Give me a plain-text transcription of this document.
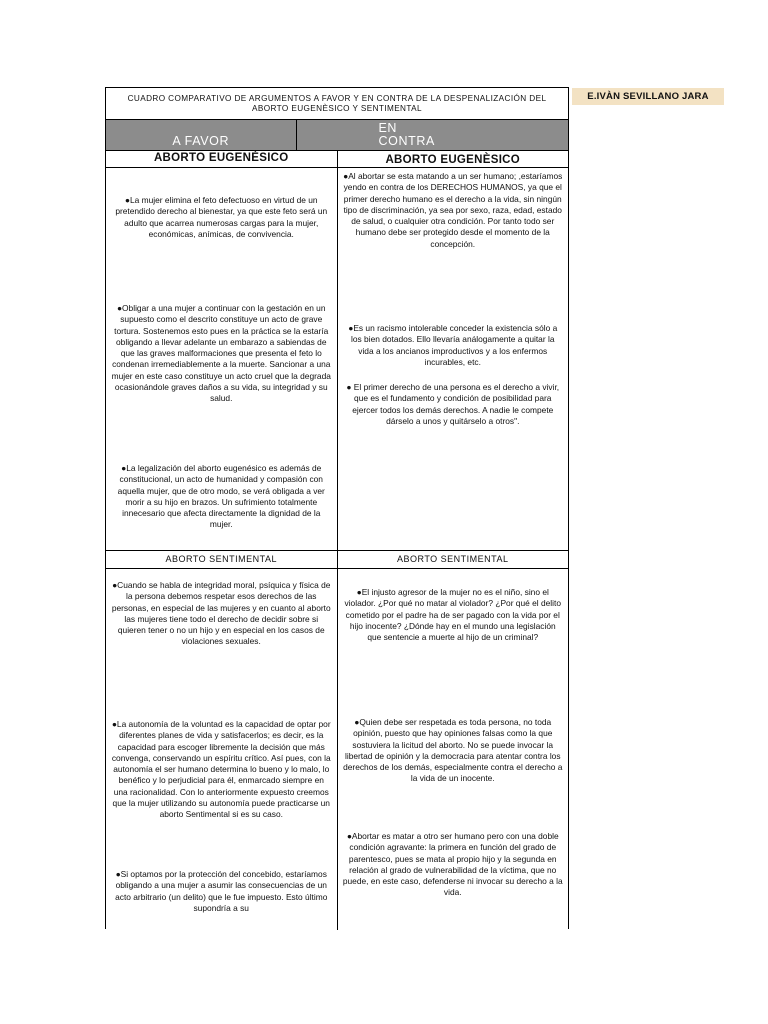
E.IVÀN SEVILLANO JARA
CUADRO COMPARATIVO DE ARGUMENTOS A FAVOR Y EN CONTRA DE LA DESPENALIZACIÓN DEL ABORTO EUGENÈSICO Y SENTIMENTAL
A FAVOR
EN
CONTRA
ABORTO EUGENÈSICO	ABORTO EUGENÈSICO

●La mujer elimina el feto defectuoso en virtud de un pretendido derecho al bienestar, ya que este feto será un adulto que acarrea numerosas cargas para la mujer, económicas, anímicas, de convivencia.

●Obligar a una mujer a continuar con la gestación en un supuesto como el descrito constituye un acto de grave tortura. Sostenemos esto pues en la práctica se la estaría obligando a llevar adelante un embarazo a sabiendas de que las graves malformaciones que presenta el feto lo condenan irremediablemente a la muerte. Sancionar a una mujer en este caso constituye un acto cruel que la degrada ocasionándole graves daños a su vida, su integridad y su salud.

●La legalización del aborto eugenésico es además de constitucional, un acto de humanidad y compasión con aquella mujer, que de otro modo, se verá obligada a ver morir a su hijo en brazos. Un sufrimiento totalmente innecesario que afecta directamente la dignidad de la mujer.

●Al abortar se esta matando a un ser humano; ,estaríamos yendo en contra de los DERECHOS HUMANOS, ya que el primer derecho humano es el derecho a la vida, sin ningún tipo de discriminación, ya sea por sexo, raza, edad, estado de salud, o cualquier otra condición. Por tanto todo ser humano debe ser protegido desde el momento de la concepción.

●Es un racismo intolerable conceder la existencia sólo a los bien dotados. Ello llevaría análogamente a quitar la vida a los ancianos improductivos y a los enfermos incurables, etc.

● El primer derecho de una persona es el derecho a vivir, que es el fundamento y condición de posibilidad para ejercer todos los demás derechos. A nadie le compete dárselo a unos y quitárselo a otros".

ABORTO SENTIMENTAL	ABORTO SENTIMENTAL

●Cuando se habla de integridad moral, psíquica y física de la persona debemos respetar esos derechos de las personas, en especial de las mujeres y en cuanto al aborto las mujeres tiene todo el derecho de decidir sobre si quieren tener o no un hijo y en especial en los casos de violaciones sexuales.

●La autonomía de la voluntad es la capacidad de optar por diferentes planes de vida y satisfacerlos; es decir, es la capacidad para escoger libremente la decisión que más convenga, conservando un espíritu crítico. Así pues, con la autonomía el ser humano determina lo bueno y lo malo, lo benéfico y lo perjudicial para él, enmarcado siempre en una racionalidad. Con lo anteriormente expuesto creemos que la mujer utilizando su autonomía puede practicarse un aborto Sentimental si es su caso.

●Si optamos por la protección del concebido, estaríamos obligando a una mujer a asumir las consecuencias de un acto arbitrario (un delito) que le fue impuesto. Esto último supondría a su

●El injusto agresor de la mujer no es el niño, sino el violador. ¿Por qué no matar al violador? ¿Por qué el delito cometido por el padre ha de ser pagado con la vida por el hijo inocente? ¿Dónde hay en el mundo una legislación que sentencie a muerte al hijo de un criminal?

●Quien debe ser respetada es toda persona, no toda opinión, puesto que hay opiniones falsas como la que sostuviera la licitud del aborto. No se puede invocar la libertad de opinión y la democracia para atentar contra los derechos de los demás, especialmente contra el derecho a la vida de un inocente.

●Abortar es matar a otro ser humano pero con una doble condición agravante: la primera en función del grado de parentesco, pues se mata al propio hijo y la segunda en relación al grado de vulnerabilidad de la víctima, que no puede, en este caso, defenderse ni invocar su derecho a la vida.
